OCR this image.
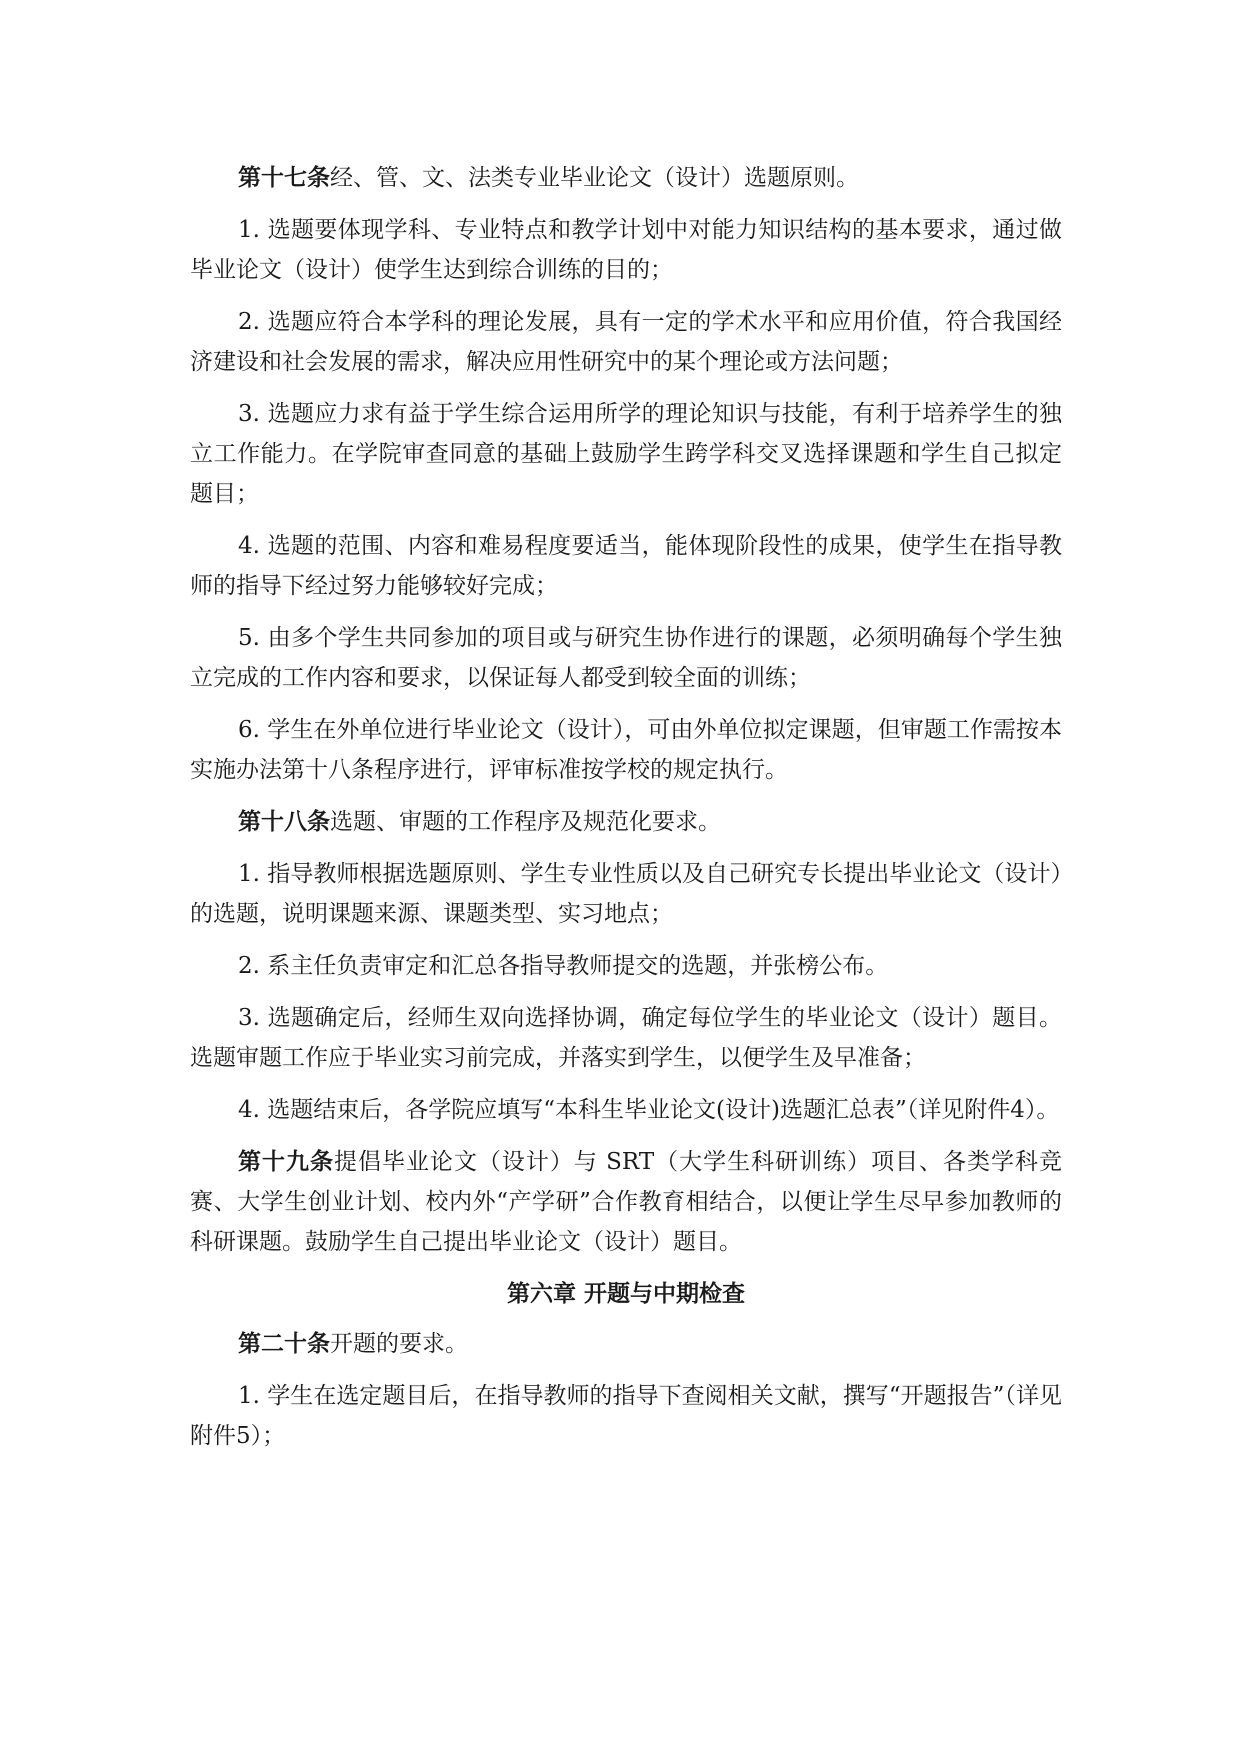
第十七条经、管、文、法类专业毕业论文（设计）选题原则。

1. 选题要体现学科、专业特点和教学计划中对能力知识结构的基本要求，通过做毕业论文（设计）使学生达到综合训练的目的；

2. 选题应符合本学科的理论发展，具有一定的学术水平和应用价值，符合我国经济建设和社会发展的需求，解决应用性研究中的某个理论或方法问题；

3. 选题应力求有益于学生综合运用所学的理论知识与技能，有利于培养学生的独立工作能力。在学院审查同意的基础上鼓励学生跨学科交叉选择课题和学生自己拟定题目；

4. 选题的范围、内容和难易程度要适当，能体现阶段性的成果，使学生在指导教师的指导下经过努力能够较好完成；

5. 由多个学生共同参加的项目或与研究生协作进行的课题，必须明确每个学生独立完成的工作内容和要求，以保证每人都受到较全面的训练；

6. 学生在外单位进行毕业论文（设计），可由外单位拟定课题，但审题工作需按本实施办法第十八条程序进行，评审标准按学校的规定执行。

第十八条选题、审题的工作程序及规范化要求。

1. 指导教师根据选题原则、学生专业性质以及自己研究专长提出毕业论文（设计）的选题，说明课题来源、课题类型、实习地点；

2. 系主任负责审定和汇总各指导教师提交的选题，并张榜公布。

3. 选题确定后，经师生双向选择协调，确定每位学生的毕业论文（设计）题目。选题审题工作应于毕业实习前完成，并落实到学生，以便学生及早准备；

4. 选题结束后，各学院应填写“本科生毕业论文(设计)选题汇总表”（详见附件4）。

第十九条提倡毕业论文（设计）与 SRT（大学生科研训练）项目、各类学科竞赛、大学生创业计划、校内外“产学研”合作教育相结合，以便让学生尽早参加教师的科研课题。鼓励学生自己提出毕业论文（设计）题目。

第六章 开题与中期检查

第二十条开题的要求。

1. 学生在选定题目后，在指导教师的指导下查阅相关文献，撰写“开题报告”（详见附件5）；
